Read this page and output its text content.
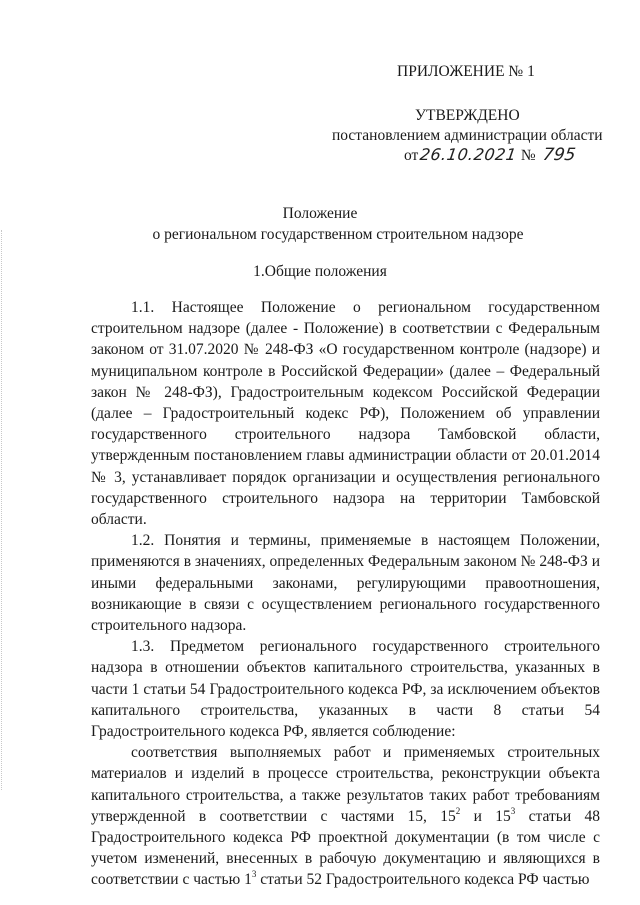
ПРИЛОЖЕНИЕ № 1
УТВЕРЖДЕНО
постановлением администрации области
от26.10.2021 № 795
Положение
о региональном государственном строительном надзоре
1.Общие положения

1.1. Настоящее Положение о региональном государственном строительном надзоре (далее - Положение) в соответствии с Федеральным законом от 31.07.2020 № 248-ФЗ «О государственном контроле (надзоре) и муниципальном контроле в Российской Федерации» (далее – Федеральный закон № 248-ФЗ), Градостроительным кодексом Российской Федерации (далее – Градостроительный кодекс РФ), Положением об управлении государственного строительного надзора Тамбовской области, утвержденным постановлением главы администрации области от 20.01.2014 № 3, устанавливает порядок организации и осуществления регионального государственного строительного надзора на территории Тамбовской области.

1.2. Понятия и термины, применяемые в настоящем Положении, применяются в значениях, определенных Федеральным законом № 248-ФЗ и иными федеральными законами, регулирующими правоотношения, возникающие в связи с осуществлением регионального государственного строительного надзора.

1.3. Предметом регионального государственного строительного надзора в отношении объектов капитального строительства, указанных в части 1 статьи 54 Градостроительного кодекса РФ, за исключением объектов капитального строительства, указанных в части 8 статьи 54 Градостроительного кодекса РФ, является соблюдение:

соответствия выполняемых работ и применяемых строительных материалов и изделий в процессе строительства, реконструкции объекта капитального строительства, а также результатов таких работ требованиям утвержденной в соответствии с частями 15, $15^2$ и $15^3$ статьи 48 Градостроительного кодекса РФ проектной документации (в том числе с учетом изменений, внесенных в рабочую документацию и являющихся в соответствии с частью $1^3$ статьи 52 Градостроительного кодекса РФ частью
